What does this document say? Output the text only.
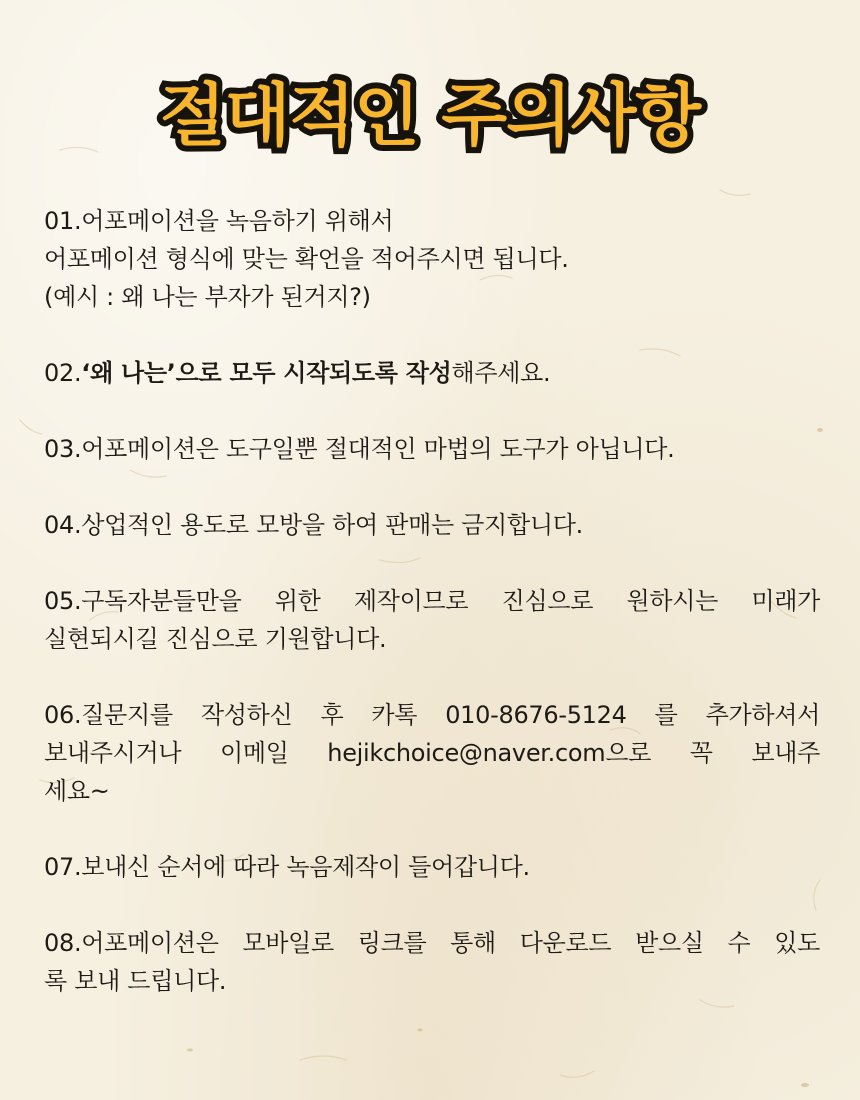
절대적인 주의사항
01.어포메이션을 녹음하기 위해서
어포메이션 형식에 맞는 확언을 적어주시면 됩니다.
(예시 : 왜 나는 부자가 된거지?)
02.‘왜 나는’으로 모두 시작되도록 작성해주세요.
03.어포메이션은 도구일뿐 절대적인 마법의 도구가 아닙니다.
04.상업적인 용도로 모방을 하여 판매는 금지합니다.
05.구독자분들만을 위한 제작이므로 진심으로 원하시는 미래가
실현되시길 진심으로 기원합니다.
06.질문지를 작성하신 후 카톡 010-8676-5124 를 추가하셔서
보내주시거나 이메일 hejikchoice@naver.com으로 꼭 보내주
세요~
07.보내신 순서에 따라 녹음제작이 들어갑니다.
08.어포메이션은 모바일로 링크를 통해 다운로드 받으실 수 있도
록 보내 드립니다.
